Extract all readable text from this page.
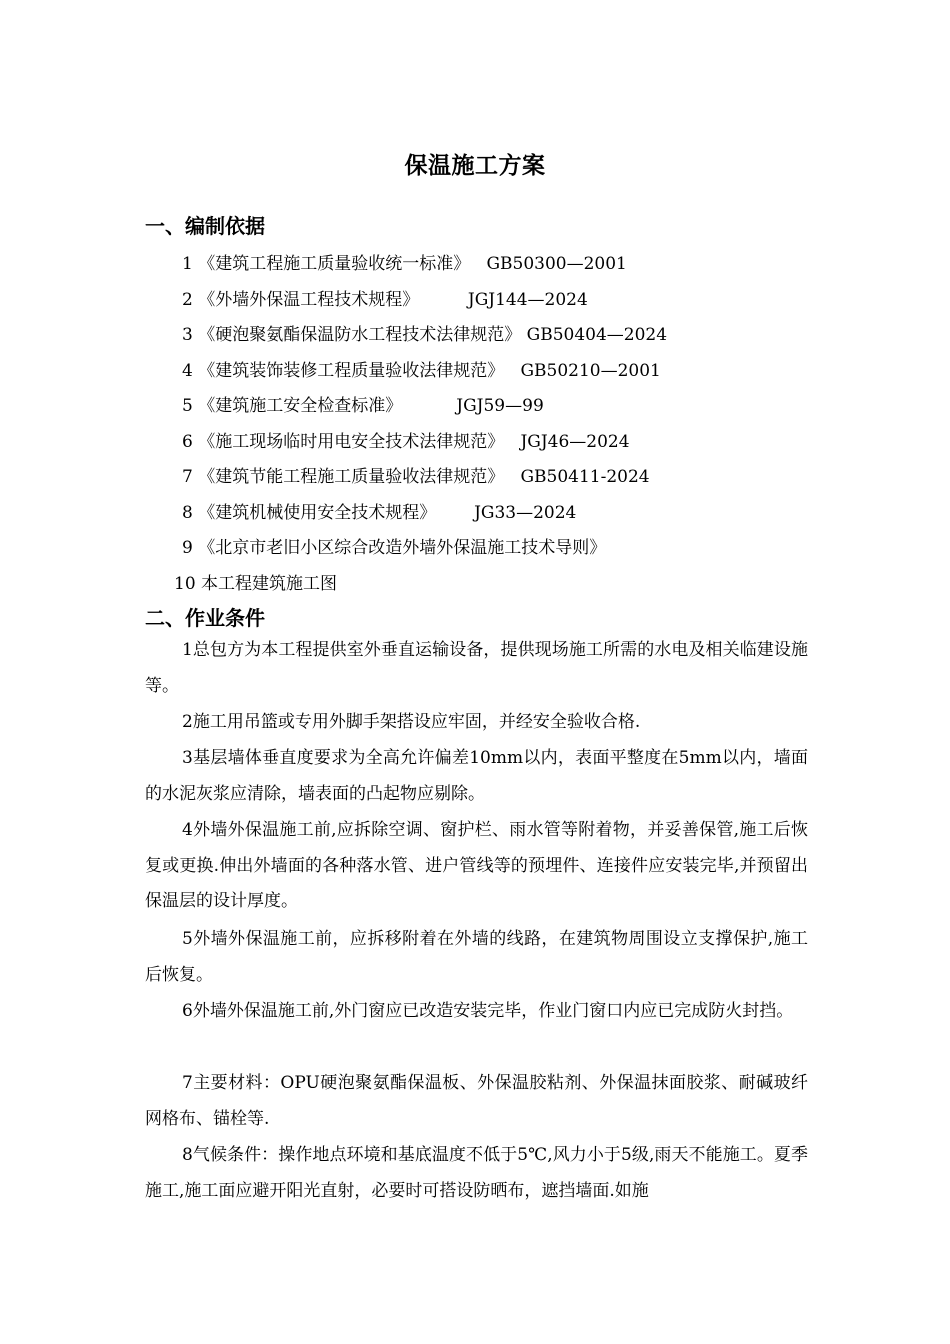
保温施工方案
一、编制依据
1 《建筑工程施工质量验收统一标准》 GB50300—2001
2 《外墙外保温工程技术规程》	JGJ144—2024
3 《硬泡聚氨酯保温防水工程技术法律规范》 GB50404—2024
4 《建筑装饰装修工程质量验收法律规范》 GB50210—2001
5 《建筑施工安全检查标准》	JGJ59—99
6 《施工现场临时用电安全技术法律规范》 JGJ46—2024
7 《建筑节能工程施工质量验收法律规范》 GB50411-2024
8 《建筑机械使用安全技术规程》 JG33—2024
9 《北京市老旧小区综合改造外墙外保温施工技术导则》
10 本工程建筑施工图
二、作业条件
1总包方为本工程提供室外垂直运输设备，提供现场施工所需的水电及相关临建设施等。
2施工用吊篮或专用外脚手架搭设应牢固，并经安全验收合格.
3基层墙体垂直度要求为全高允许偏差10mm以内，表面平整度在5mm以内，墙面的水泥灰浆应清除，墙表面的凸起物应剔除。
4外墙外保温施工前,应拆除空调、窗护栏、雨水管等附着物，并妥善保管,施工后恢复或更换.伸出外墙面的各种落水管、进户管线等的预埋件、连接件应安装完毕,并预留出保温层的设计厚度。
5外墙外保温施工前，应拆移附着在外墙的线路，在建筑物周围设立支撑保护,施工后恢复。
6外墙外保温施工前,外门窗应已改造安装完毕，作业门窗口内应已完成防火封挡。
7主要材料：OPU硬泡聚氨酯保温板、外保温胶粘剂、外保温抹面胶浆、耐碱玻纤网格布、锚栓等.
8气候条件：操作地点环境和基底温度不低于5℃,风力小于5级,雨天不能施工。夏季施工,施工面应避开阳光直射，必要时可搭设防晒布，遮挡墙面.如施
